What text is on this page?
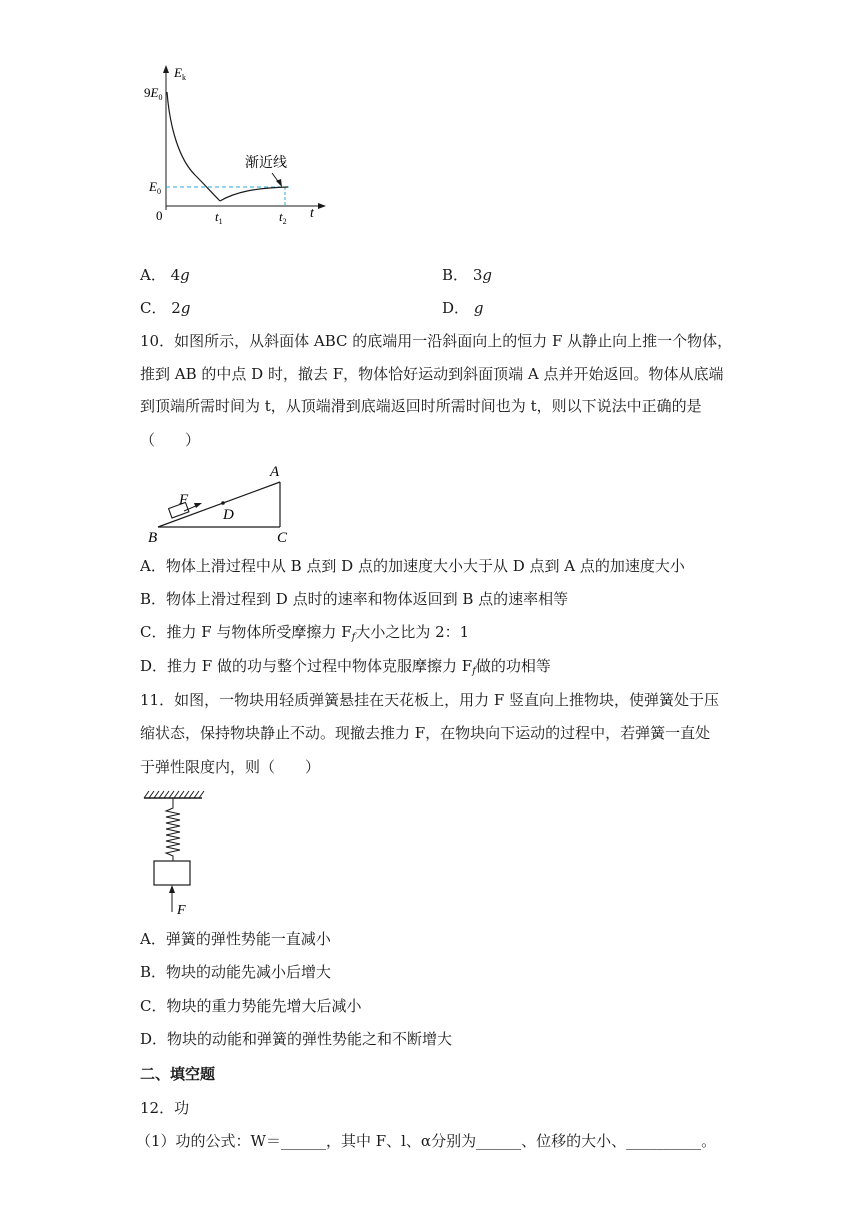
$E_k$
$9E_0$
$E_0$
0	$t_1$	$t_2$
t
渐近线
A． 4g	B． 3g
C． 2g	D． g
10．如图所示，从斜面体 ABC 的底端用一沿斜面向上的恒力 F 从静止向上推一个物体，
推到 AB 的中点 D 时，撤去 F，物体恰好运动到斜面顶端 A 点并开始返回。物体从底端
到顶端所需时间为 t，从顶端滑到底端返回时所需时间也为 t，则以下说法中正确的是
（　　）
A
B	C
D
F
A．物体上滑过程中从 B 点到 D 点的加速度大小大于从 D 点到 A 点的加速度大小
B．物体上滑过程到 D 点时的速率和物体返回到 B 点的速率相等
C．推力 F 与物体所受摩擦力 $F_f$大小之比为 2：1
D．推力 F 做的功与整个过程中物体克服摩擦力 $F_f$做的功相等
11．如图，一物块用轻质弹簧悬挂在天花板上，用力 F 竖直向上推物块，使弹簧处于压
缩状态，保持物块静止不动。现撤去推力 F，在物块向下运动的过程中，若弹簧一直处
于弹性限度内，则（　　）
F
A．弹簧的弹性势能一直减小
B．物块的动能先减小后增大
C．物块的重力势能先增大后减小
D．物块的动能和弹簧的弹性势能之和不断增大
二、填空题
12．功
（1）功的公式：W＝______，其中 F、l、α分别为______、位移的大小、__________。
